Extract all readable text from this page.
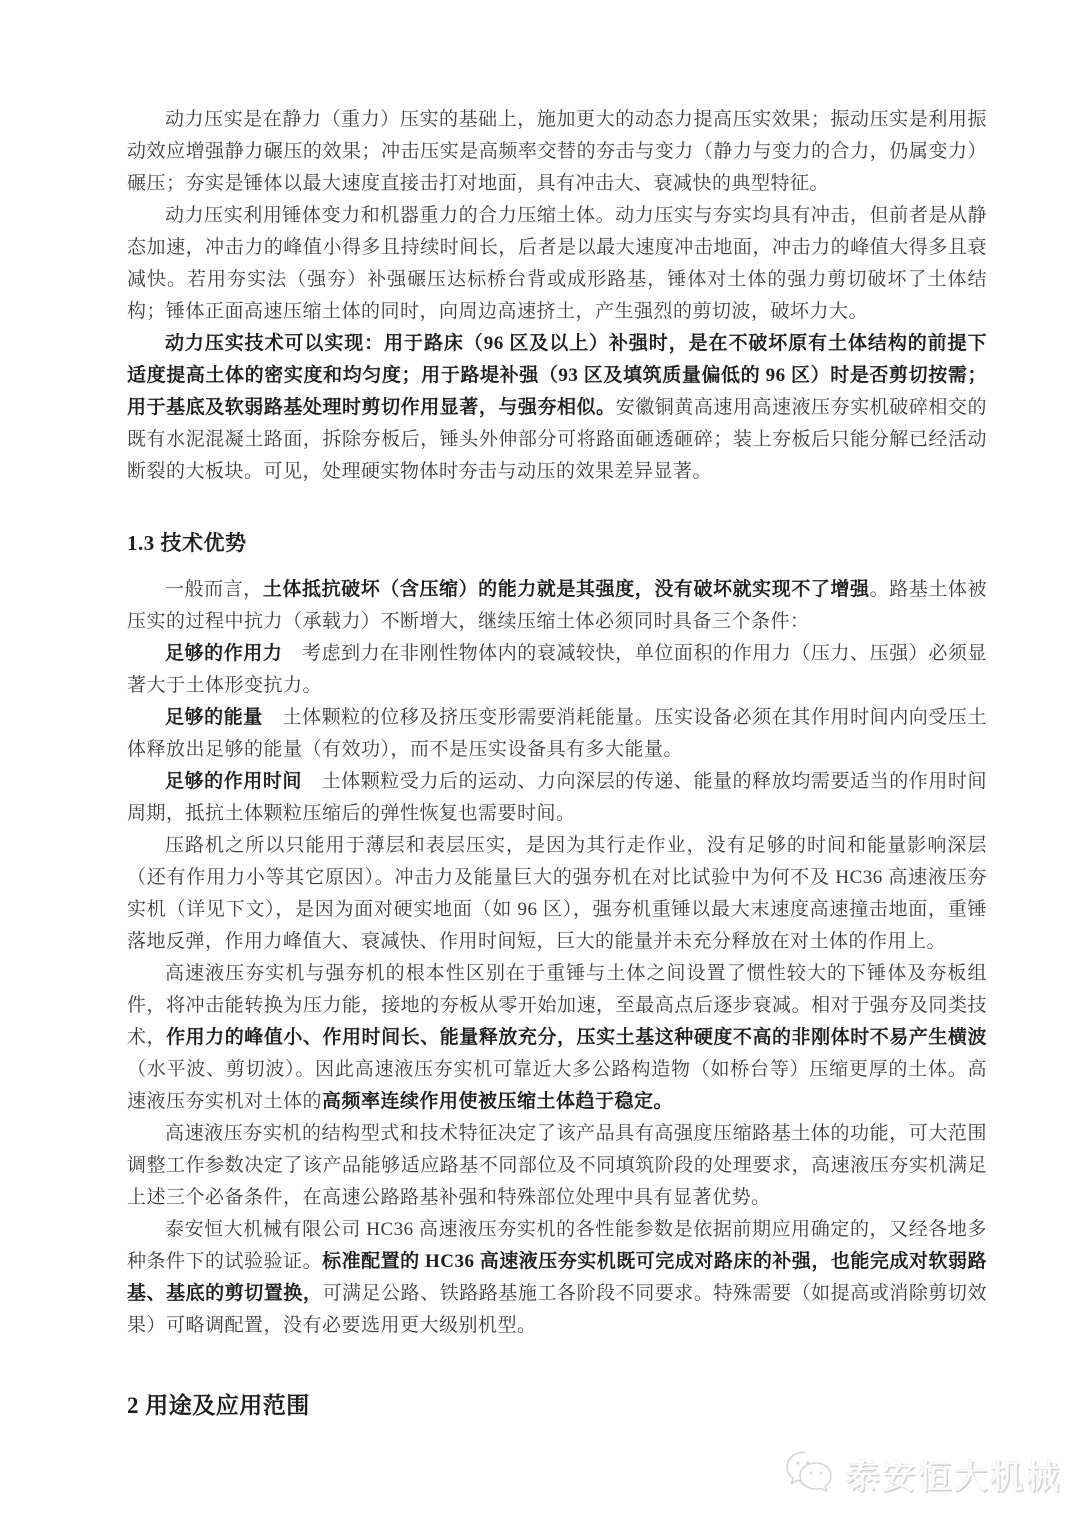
动力压实是在静力（重力）压实的基础上，施加更大的动态力提高压实效果；振动压实是利用振动效应增强静力碾压的效果；冲击压实是高频率交替的夯击与变力（静力与变力的合力，仍属变力）碾压；夯实是锤体以最大速度直接击打对地面，具有冲击大、衰减快的典型特征。

动力压实利用锤体变力和机器重力的合力压缩土体。动力压实与夯实均具有冲击，但前者是从静态加速，冲击力的峰值小得多且持续时间长，后者是以最大速度冲击地面，冲击力的峰值大得多且衰减快。若用夯实法（强夯）补强碾压达标桥台背或成形路基，锤体对土体的强力剪切破坏了土体结构；锤体正面高速压缩土体的同时，向周边高速挤土，产生强烈的剪切波，破坏力大。

动力压实技术可以实现：用于路床（96 区及以上）补强时，是在不破坏原有土体结构的前提下适度提高土体的密实度和均匀度；用于路堤补强（93 区及填筑质量偏低的 96 区）时是否剪切按需；用于基底及软弱路基处理时剪切作用显著，与强夯相似。安徽铜黄高速用高速液压夯实机破碎相交的既有水泥混凝土路面，拆除夯板后，锤头外伸部分可将路面砸透砸碎；装上夯板后只能分解已经活动断裂的大板块。可见，处理硬实物体时夯击与动压的效果差异显著。

1.3 技术优势

一般而言，土体抵抗破坏（含压缩）的能力就是其强度，没有破坏就实现不了增强。路基土体被压实的过程中抗力（承载力）不断增大，继续压缩土体必须同时具备三个条件：

足够的作用力　考虑到力在非刚性物体内的衰减较快，单位面积的作用力（压力、压强）必须显著大于土体形变抗力。

足够的能量　土体颗粒的位移及挤压变形需要消耗能量。压实设备必须在其作用时间内向受压土体释放出足够的能量（有效功），而不是压实设备具有多大能量。

足够的作用时间　土体颗粒受力后的运动、力向深层的传递、能量的释放均需要适当的作用时间周期，抵抗土体颗粒压缩后的弹性恢复也需要时间。

压路机之所以只能用于薄层和表层压实，是因为其行走作业，没有足够的时间和能量影响深层（还有作用力小等其它原因）。冲击力及能量巨大的强夯机在对比试验中为何不及 HC36 高速液压夯实机（详见下文），是因为面对硬实地面（如 96 区），强夯机重锤以最大末速度高速撞击地面，重锤落地反弹，作用力峰值大、衰减快、作用时间短，巨大的能量并未充分释放在对土体的作用上。

高速液压夯实机与强夯机的根本性区别在于重锤与土体之间设置了惯性较大的下锤体及夯板组件，将冲击能转换为压力能，接地的夯板从零开始加速，至最高点后逐步衰减。相对于强夯及同类技术，作用力的峰值小、作用时间长、能量释放充分，压实土基这种硬度不高的非刚体时不易产生横波（水平波、剪切波）。因此高速液压夯实机可靠近大多公路构造物（如桥台等）压缩更厚的土体。高速液压夯实机对土体的高频率连续作用使被压缩土体趋于稳定。

高速液压夯实机的结构型式和技术特征决定了该产品具有高强度压缩路基土体的功能，可大范围调整工作参数决定了该产品能够适应路基不同部位及不同填筑阶段的处理要求，高速液压夯实机满足上述三个必备条件，在高速公路路基补强和特殊部位处理中具有显著优势。

泰安恒大机械有限公司 HC36 高速液压夯实机的各性能参数是依据前期应用确定的，又经各地多种条件下的试验验证。标准配置的 HC36 高速液压夯实机既可完成对路床的补强，也能完成对软弱路基、基底的剪切置换，可满足公路、铁路路基施工各阶段不同要求。特殊需要（如提高或消除剪切效果）可略调配置，没有必要选用更大级别机型。

2 用途及应用范围
泰安恒大机械
